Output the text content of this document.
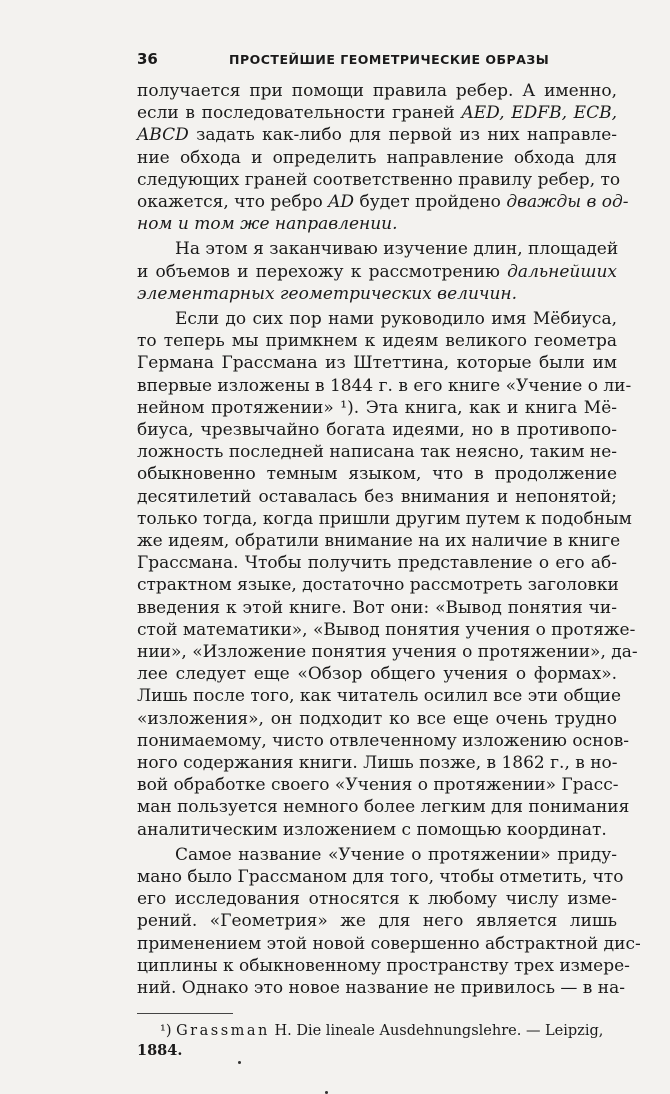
36	ПРОСТЕЙШИЕ ГЕОМЕТРИЧЕСКИЕ ОБРАЗЫ
получается при помощи правила ребер. А именно,
если в последовательности граней AED, EDFB, ECB,
ABCD задать как-либо для первой из них направле-
ние обхода и определить направление обхода для
следующих граней соответственно правилу ребер, то
окажется, что ребро AD будет пройдено дважды в од-
ном и том же направлении.
На этом я заканчиваю изучение длин, площадей
и объемов и перехожу к рассмотрению дальнейших
элементарных геометрических величин.
Если до сих пор нами руководило имя Мёбиуса,
то теперь мы примкнем к идеям великого геометра
Германа Грассмана из Штеттина, которые были им
впервые изложены в 1844 г. в его книге «Учение о ли-
нейном протяжении» ¹). Эта книга, как и книга Мё-
биуса, чрезвычайно богата идеями, но в противопо-
ложность последней написана так неясно, таким не-
обыкновенно темным языком, что в продолжение
десятилетий оставалась без внимания и непонятой;
только тогда, когда пришли другим путем к подобным
же идеям, обратили внимание на их наличие в книге
Грассмана. Чтобы получить представление о его аб-
страктном языке, достаточно рассмотреть заголовки
введения к этой книге. Вот они: «Вывод понятия чи-
стой математики», «Вывод понятия учения о протяже-
нии», «Изложение понятия учения о протяжении», да-
лее следует еще «Обзор общего учения о формах».
Лишь после того, как читатель осилил все эти общие
«изложения», он подходит ко все еще очень трудно
понимаемому, чисто отвлеченному изложению основ-
ного содержания книги. Лишь позже, в 1862 г., в но-
вой обработке своего «Учения о протяжении» Грасс-
ман пользуется немного более легким для понимания
аналитическим изложением с помощью координат.
Самое название «Учение о протяжении» приду-
мано было Грассманом для того, чтобы отметить, что
его исследования относятся к любому числу изме-
рений. «Геометрия» же для него является лишь
применением этой новой совершенно абстрактной дис-
циплины к обыкновенному пространству трех измере-
ний. Однако это новое название не привилось — в на-
¹) Grassman H. Die lineale Ausdehnungslehre. — Leipzig,
1884.
